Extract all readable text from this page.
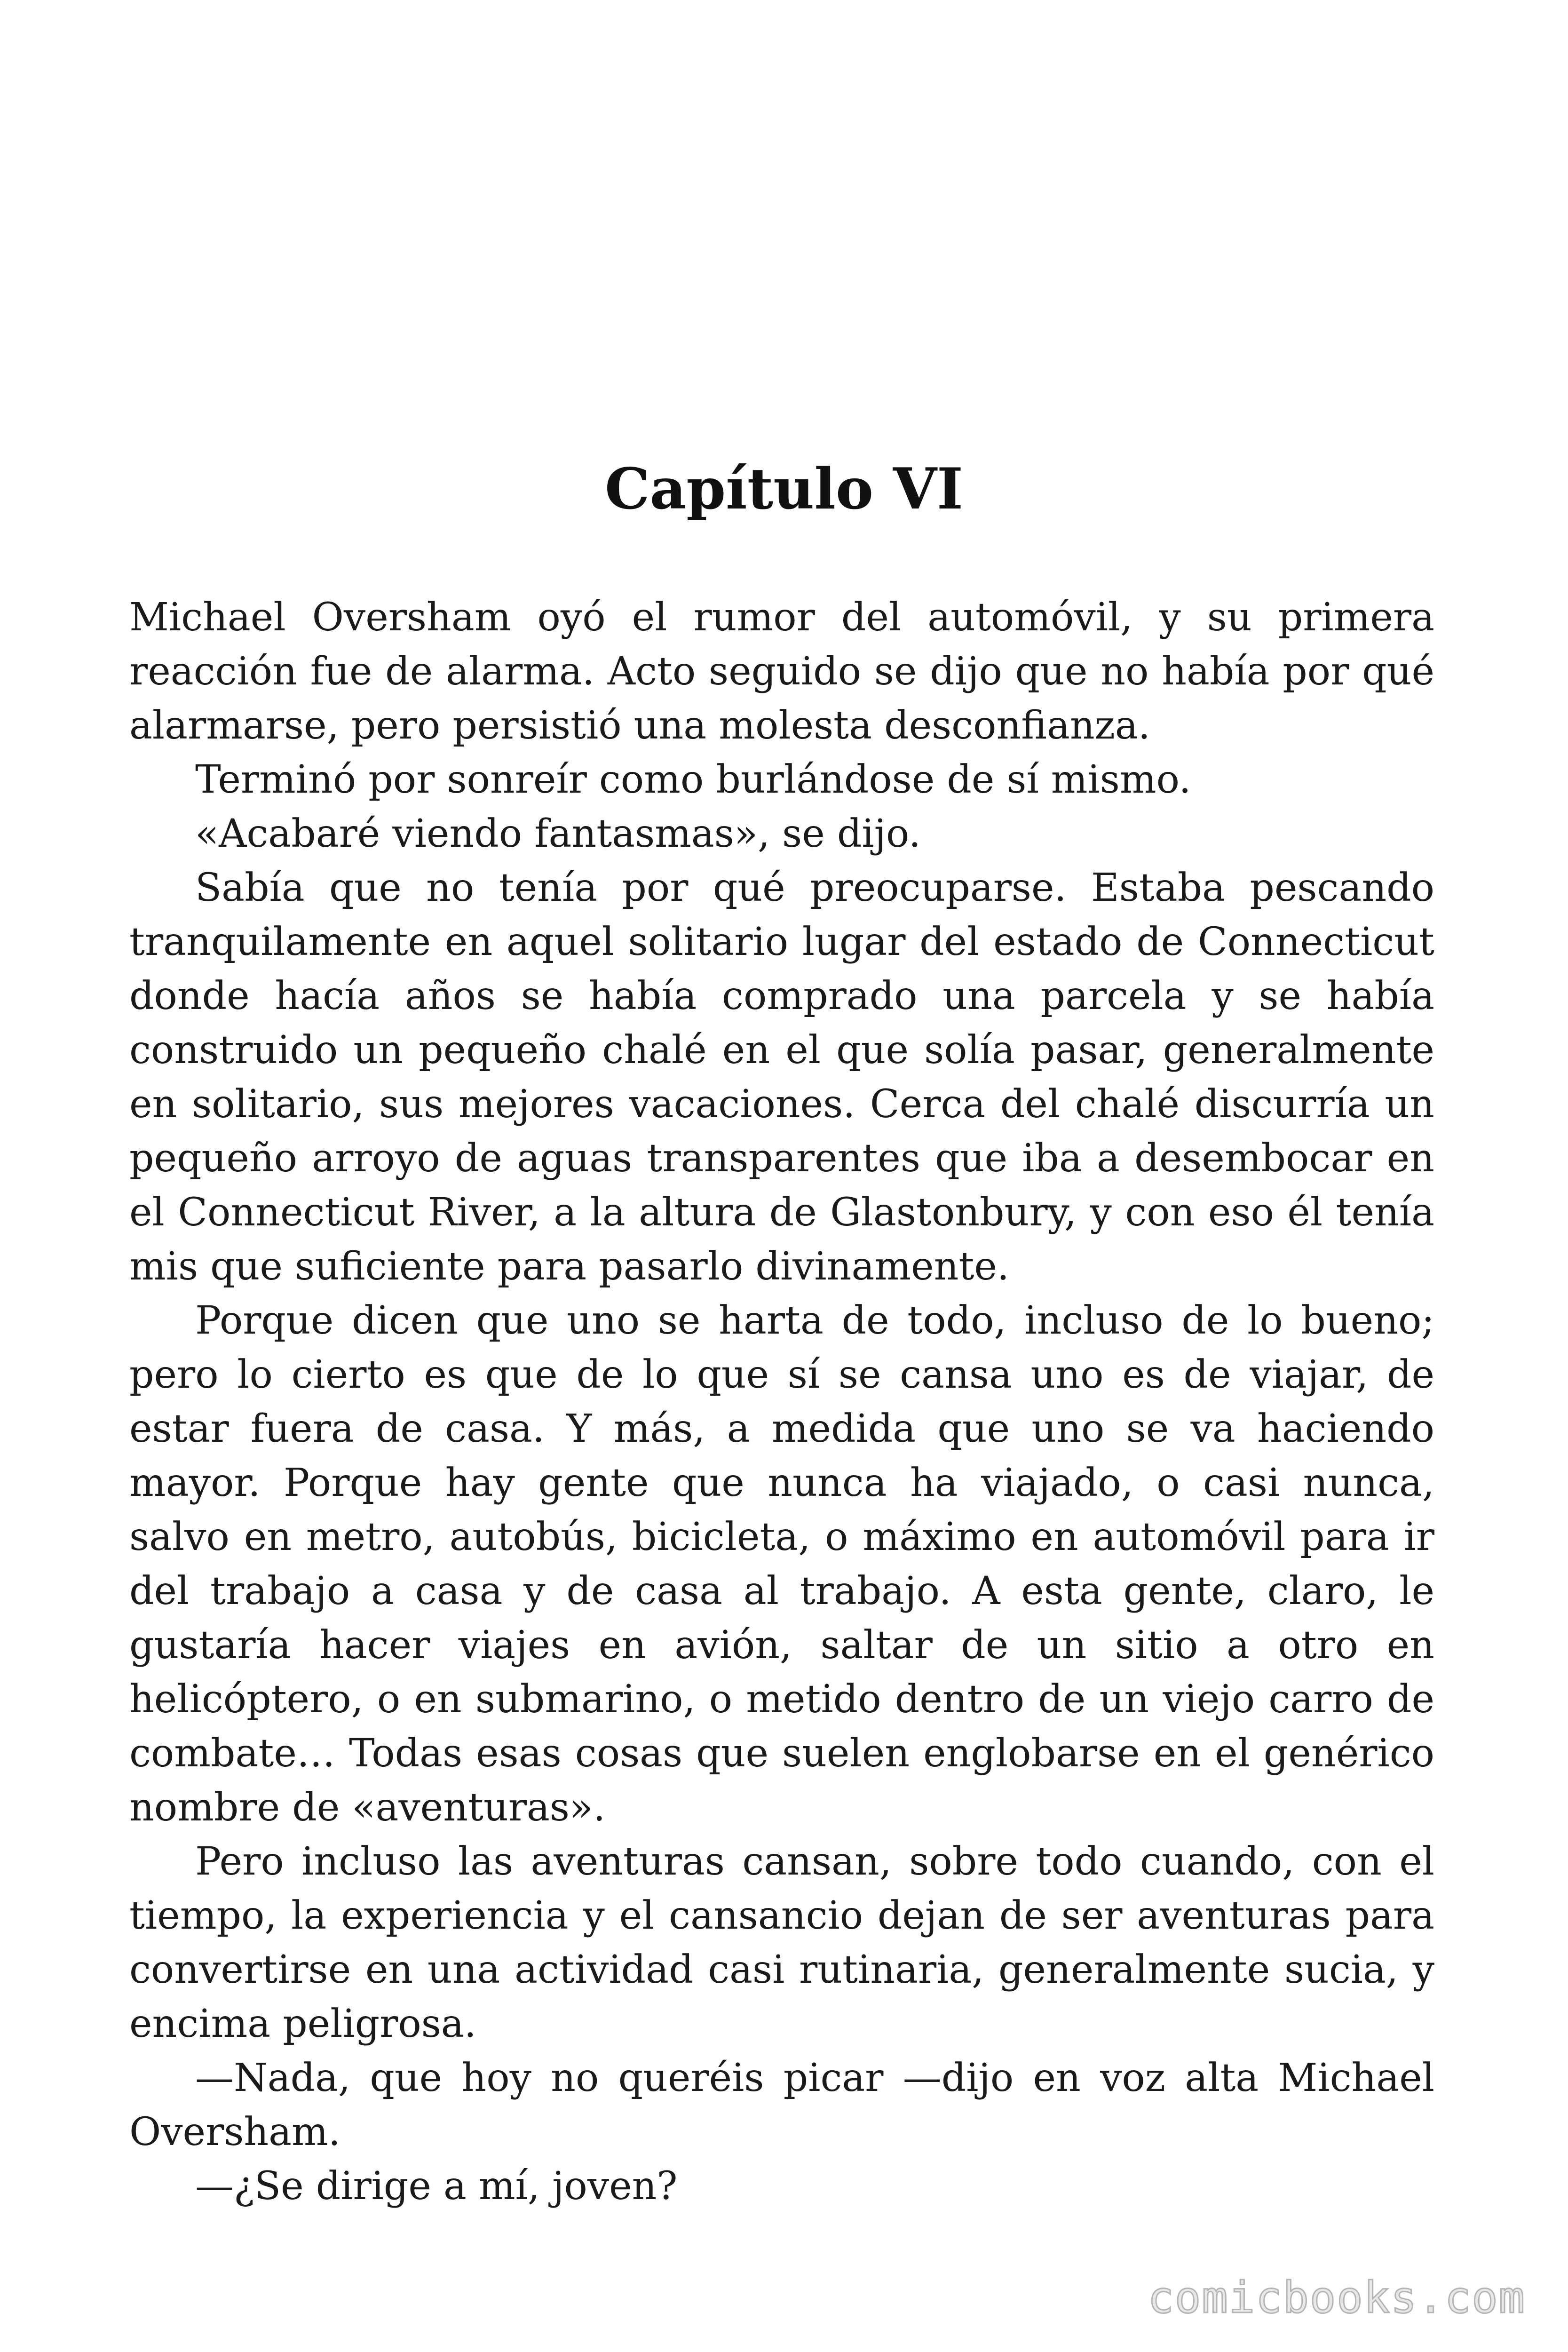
Capítulo VI

Michael Oversham oyó el rumor del automóvil, y su primera reacción fue de alarma. Acto seguido se dijo que no había por qué alarmarse, pero persistió una molesta desconfianza.

Terminó por sonreír como burlándose de sí mismo.

«Acabaré viendo fantasmas», se dijo.

Sabía que no tenía por qué preocuparse. Estaba pescando tranquilamente en aquel solitario lugar del estado de Connecticut donde hacía años se había comprado una parcela y se había construido un pequeño chalé en el que solía pasar, generalmente en solitario, sus mejores vacaciones. Cerca del chalé discurría un pequeño arroyo de aguas transparentes que iba a desembocar en el Connecticut River, a la altura de Glastonbury, y con eso él tenía mis que suficiente para pasarlo divinamente.

Porque dicen que uno se harta de todo, incluso de lo bueno; pero lo cierto es que de lo que sí se cansa uno es de viajar, de estar fuera de casa. Y más, a medida que uno se va haciendo mayor. Porque hay gente que nunca ha viajado, o casi nunca, salvo en metro, autobús, bicicleta, o máximo en automóvil para ir del trabajo a casa y de casa al trabajo. A esta gente, claro, le gustaría hacer viajes en avión, saltar de un sitio a otro en helicóptero, o en submarino, o metido dentro de un viejo carro de combate… Todas esas cosas que suelen englobarse en el genérico nombre de «aventuras».

Pero incluso las aventuras cansan, sobre todo cuando, con el tiempo, la experiencia y el cansancio dejan de ser aventuras para convertirse en una actividad casi rutinaria, generalmente sucia, y encima peligrosa.

—Nada, que hoy no queréis picar —dijo en voz alta Michael Oversham.

—¿Se dirige a mí, joven?

comicbooks.com
